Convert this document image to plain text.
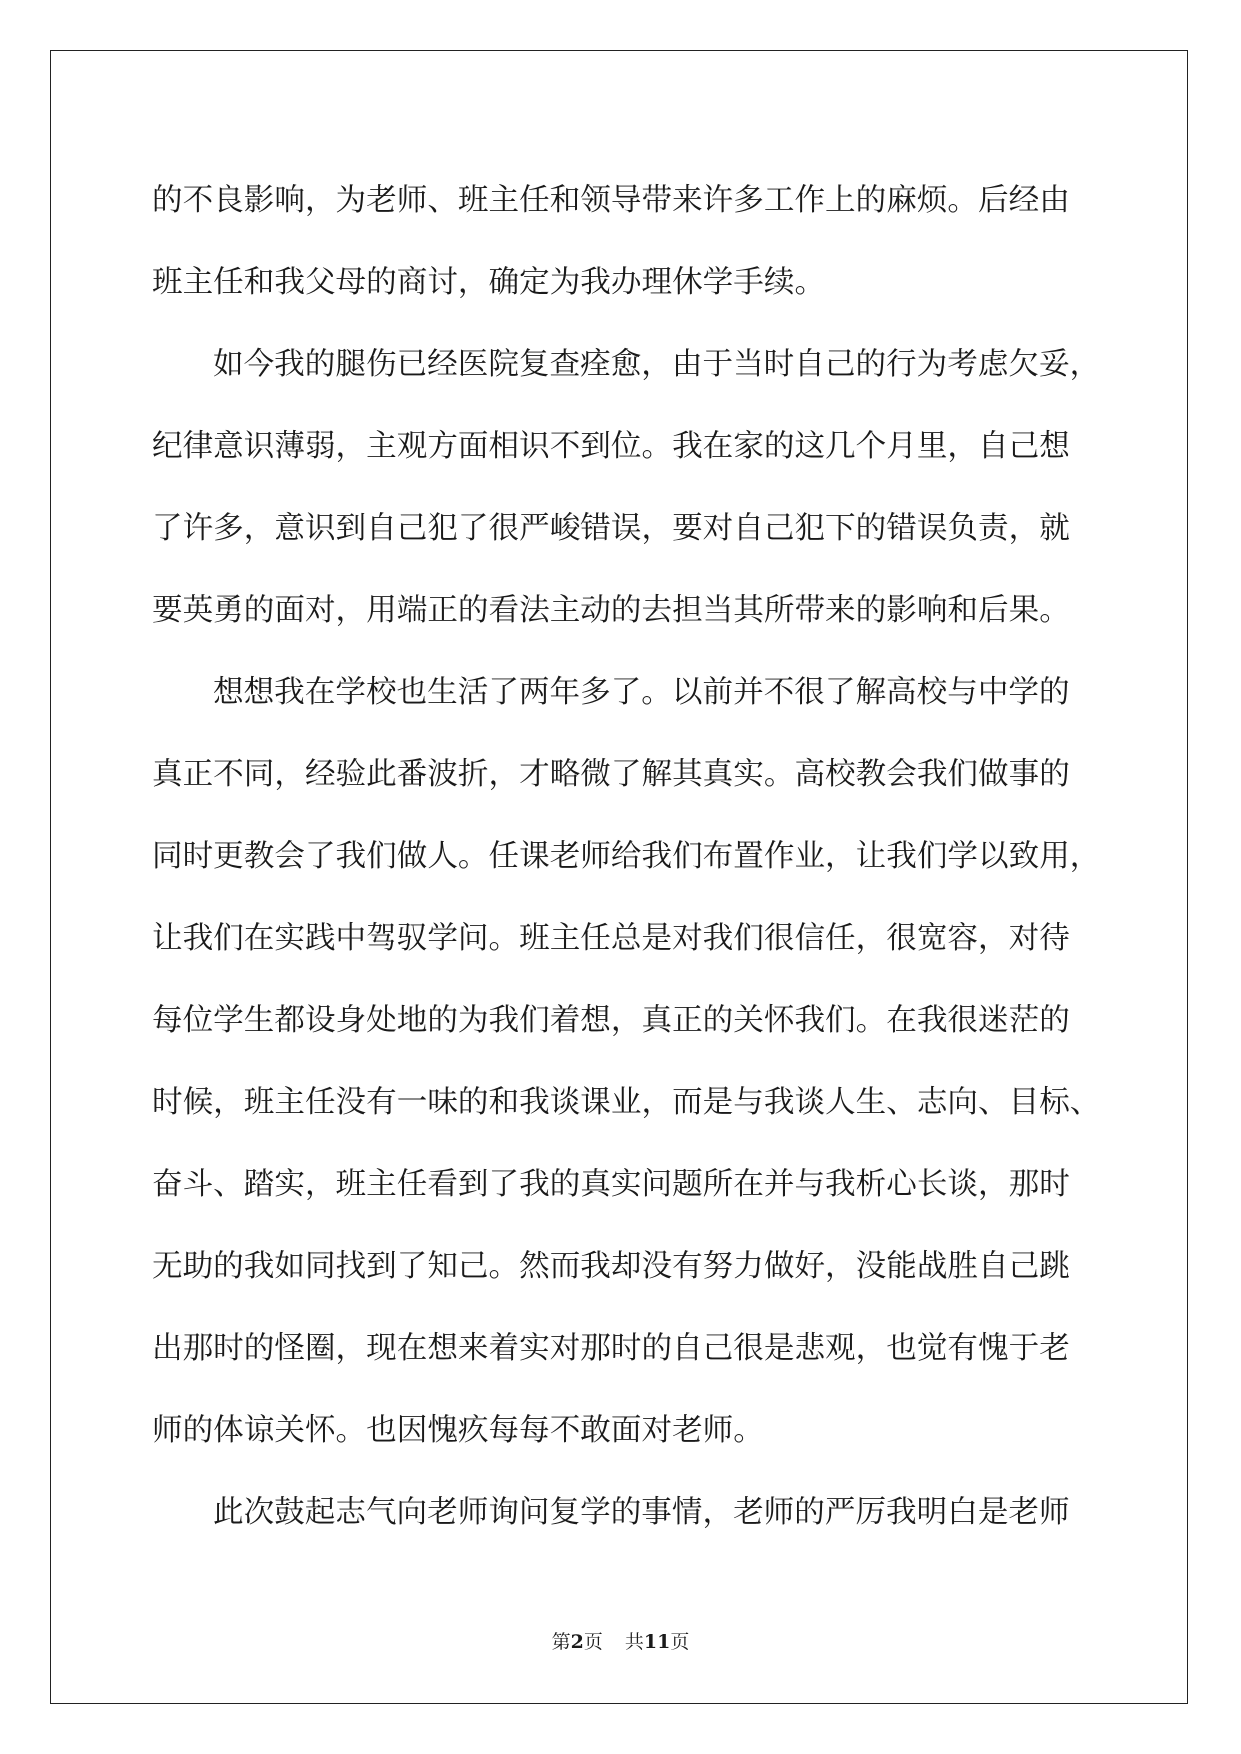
的不良影响，为老师、班主任和领导带来许多工作上的麻烦。后经由

班主任和我父母的商讨，确定为我办理休学手续。

如今我的腿伤已经医院复查痊愈，由于当时自己的行为考虑欠妥，

纪律意识薄弱，主观方面相识不到位。我在家的这几个月里，自己想

了许多，意识到自己犯了很严峻错误，要对自己犯下的错误负责，就

要英勇的面对，用端正的看法主动的去担当其所带来的影响和后果。

想想我在学校也生活了两年多了。以前并不很了解高校与中学的

真正不同，经验此番波折，才略微了解其真实。高校教会我们做事的

同时更教会了我们做人。任课老师给我们布置作业，让我们学以致用，

让我们在实践中驾驭学问。班主任总是对我们很信任，很宽容，对待

每位学生都设身处地的为我们着想，真正的关怀我们。在我很迷茫的

时候，班主任没有一味的和我谈课业，而是与我谈人生、志向、目标、

奋斗、踏实，班主任看到了我的真实问题所在并与我析心长谈，那时

无助的我如同找到了知己。然而我却没有努力做好，没能战胜自己跳

出那时的怪圈，现在想来着实对那时的自己很是悲观，也觉有愧于老

师的体谅关怀。也因愧疚每每不敢面对老师。

此次鼓起志气向老师询问复学的事情，老师的严厉我明白是老师

第2页 共11页
